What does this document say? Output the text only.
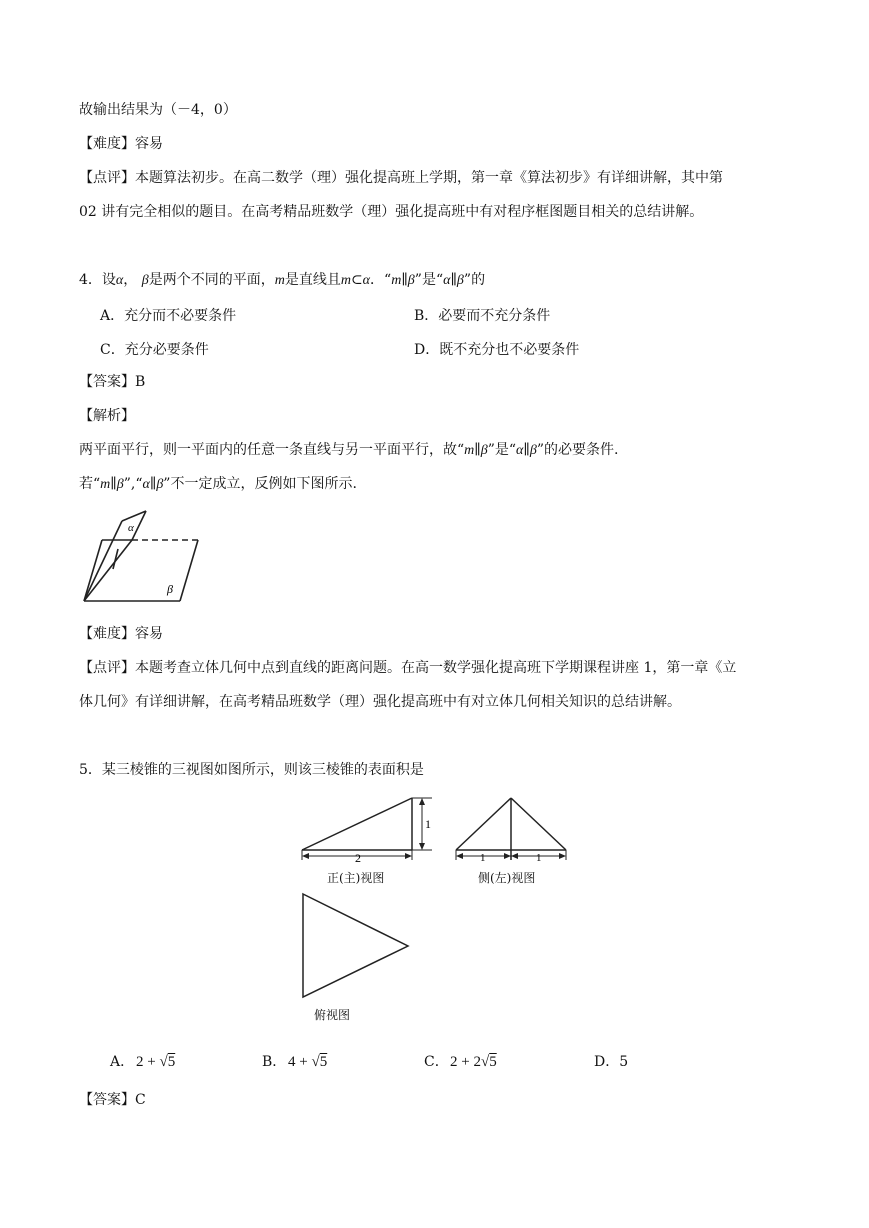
故输出结果为（－4，0）
【难度】容易
【点评】本题算法初步。在高二数学（理）强化提高班上学期，第一章《算法初步》有详细讲解，其中第
02 讲有完全相似的题目。在高考精品班数学（理）强化提高班中有对程序框图题目相关的总结讲解。
4．设α， β是两个不同的平面，m是直线且m⊂α．“m∥β”是“α∥β”的
A．充分而不必要条件	B．必要而不充分条件
C．充分必要条件	D．既不充分也不必要条件
【答案】B
【解析】
两平面平行，则一平面内的任意一条直线与另一平面平行，故“m∥β”是“α∥β”的必要条件.
若“m∥β”,“α∥β”不一定成立，反例如下图所示.
α
β
【难度】容易
【点评】本题考查立体几何中点到直线的距离问题。在高一数学强化提高班下学期课程讲座 1，第一章《立
体几何》有详细讲解，在高考精品班数学（理）强化提高班中有对立体几何相关知识的总结讲解。
5．某三棱锥的三视图如图所示，则该三棱锥的表面积是
1
2
正(主)视图
1	1
侧(左)视图
俯视图
A． 2 + √5	B． 4 + √5	C． 2 + 2√5	D．5
【答案】C
